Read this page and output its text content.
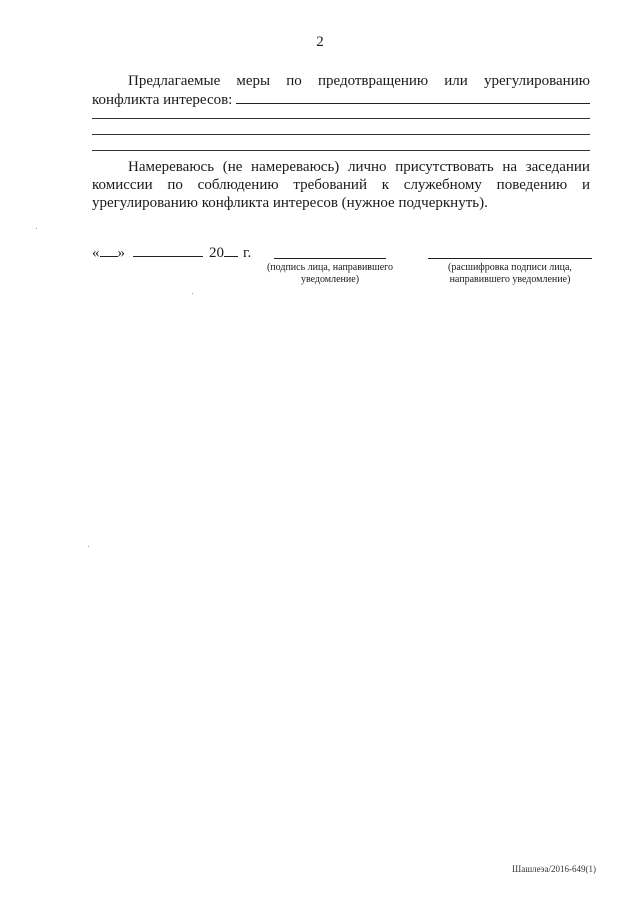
2
Предлагаемые меры по предотвращению или урегулированию
конфликта интересов:
Намереваюсь (не намереваюсь) лично присутствовать на заседании
комиссии по соблюдению требований к служебному поведению и
урегулированию конфликта интересов (нужное подчеркнуть).
« »	20 г.
(подпись лица, направившего
уведомление)
(расшифровка подписи лица,
направившего уведомление)
Шашлеэа/2016-649(1)
